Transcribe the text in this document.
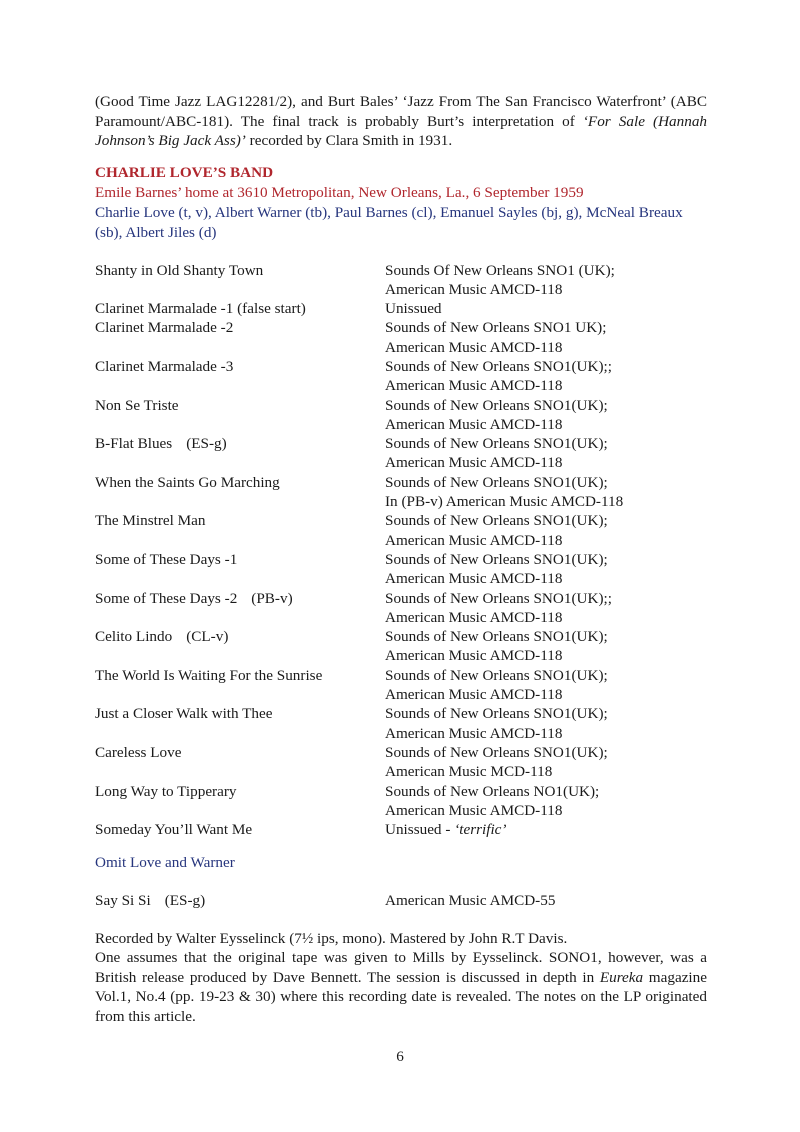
(Good Time Jazz LAG12281/2), and Burt Bales’ ‘Jazz From The San Francisco Waterfront’ (ABC Paramount/ABC-181). The final track is probably Burt’s interpretation of ‘For Sale (Hannah Johnson’s Big Jack Ass)’ recorded by Clara Smith in 1931.

CHARLIE LOVE’S BAND

Emile Barnes’ home at 3610 Metropolitan, New Orleans, La., 6 September 1959

Charlie Love (t, v), Albert Warner (tb), Paul Barnes (cl), Emanuel Sayles (bj, g), McNeal Breaux (sb), Albert Jiles (d)

Shanty in Old Shanty Town	Sounds Of New Orleans SNO1 (UK);
American Music AMCD-118
Clarinet Marmalade -1 (false start)	Unissued
Clarinet Marmalade -2	Sounds of New Orleans SNO1 UK);
American Music AMCD-118
Clarinet Marmalade -3	Sounds of New Orleans SNO1(UK);;
American Music AMCD-118
Non Se Triste	Sounds of New Orleans SNO1(UK);
American Music AMCD-118
B-Flat Blues (ES-g)	Sounds of New Orleans SNO1(UK);
American Music AMCD-118
When the Saints Go Marching	Sounds of New Orleans SNO1(UK);
In (PB-v) American Music AMCD-118
The Minstrel Man	Sounds of New Orleans SNO1(UK);
American Music AMCD-118
Some of These Days -1	Sounds of New Orleans SNO1(UK);
American Music AMCD-118
Some of These Days -2 (PB-v)	Sounds of New Orleans SNO1(UK);;
American Music AMCD-118
Celito Lindo (CL-v)	Sounds of New Orleans SNO1(UK);
American Music AMCD-118
The World Is Waiting For the Sunrise	Sounds of New Orleans SNO1(UK);
American Music AMCD-118
Just a Closer Walk with Thee	Sounds of New Orleans SNO1(UK);
American Music AMCD-118
Careless Love	Sounds of New Orleans SNO1(UK);
American Music MCD-118
Long Way to Tipperary	Sounds of New Orleans NO1(UK);
American Music AMCD-118
Someday You’ll Want Me	Unissued - ‘terrific’

Omit Love and Warner

Say Si Si (ES-g)	American Music AMCD-55

Recorded by Walter Eysselinck (7½ ips, mono). Mastered by John R.T Davis.

One assumes that the original tape was given to Mills by Eysselinck. SONO1, however, was a British release produced by Dave Bennett. The session is discussed in depth in Eureka magazine Vol.1, No.4 (pp. 19-23 & 30) where this recording date is revealed. The notes on the LP originated from this article.

6
